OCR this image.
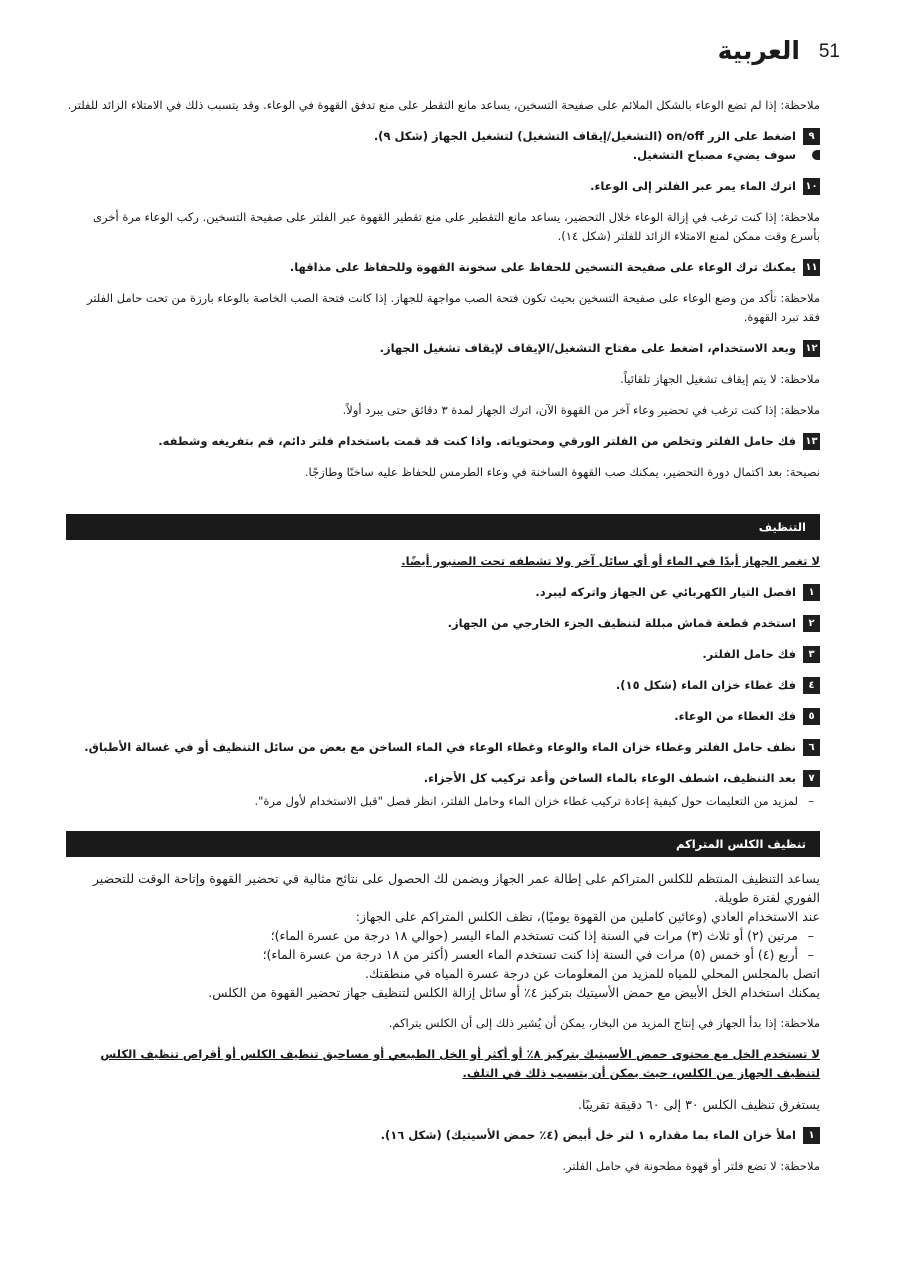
51
العربية

ملاحظة: إذا لم تضع الوعاء بالشكل الملائم على صفيحة التسخين، يساعد مانع التقطر على منع تدفق القهوة في الوعاء. وقد يتسبب ذلك في الامتلاء الزائد للفلتر.

٩
اضغط على الزر on/off (التشغيل/إيقاف التشغيل) لتشغيل الجهاز (شكل ٩).
سوف يضيء مصباح التشغيل.
١٠
اترك الماء يمر عبر الفلتر إلى الوعاء.

ملاحظة: إذا كنت ترغب في إزالة الوعاء خلال التحضير، يساعد مانع التقطير على منع تقطير القهوة عبر الفلتر على صفيحة التسخين. ركب الوعاء مرة أخرى بأسرع وقت ممكن لمنع الامتلاء الزائد للفلتر (شكل ١٤).

١١
يمكنك ترك الوعاء على صفيحة التسخين للحفاظ على سخونة القهوة وللحفاظ على مذاقها.

ملاحظة: تأكد من وضع الوعاء على صفيحة التسخين بحيث تكون فتحة الصب مواجهة للجهاز. إذا كانت فتحة الصب الخاصة بالوعاء بارزة من تحت حامل الفلتر فقد تبرد القهوة.

١٢
وبعد الاستخدام، اضغط على مفتاح التشغيل/الإيقاف لإيقاف تشغيل الجهاز.

ملاحظة: لا يتم إيقاف تشغيل الجهاز تلقائياً.

ملاحظة: إذا كنت ترغب في تحضير وعاء آخر من القهوة الآن، اترك الجهاز لمدة ٣ دقائق حتى يبرد أولاً.

١٣
فك حامل الفلتر وتخلص من الفلتر الورقي ومحتوياته. واذا كنت قد قمت باستخدام فلتر دائم، قم بتفريغه وشطفه.

نصيحة: بعد اكتمال دورة التحضير، يمكنك صب القهوة الساخنة في وعاء الطرمس للحفاظ عليه ساخنًا وطازجًا.

التنظيف

لا تغمر الجهاز أبدًا في الماء أو أي سائل آخر ولا تشطفه تحت الصنبور أيضًا.

١
افصل التيار الكهربائي عن الجهاز واتركه ليبرد.
٢
استخدم قطعة قماش مبللة لتنظيف الجزء الخارجي من الجهاز.
٣
فك حامل الفلتر.
٤
فك غطاء خزان الماء (شكل ١٥).
٥
فك الغطاء من الوعاء.
٦
نظف حامل الفلتر وغطاء خزان الماء والوعاء وغطاء الوعاء في الماء الساخن مع بعض من سائل التنظيف أو في غسالة الأطباق.
٧
بعد التنظيف، اشطف الوعاء بالماء الساخن وأعد تركيب كل الأجزاء.

–
لمزيد من التعليمات حول كيفية إعادة تركيب غطاء خزان الماء وحامل الفلتر، انظر فصل "قبل الاستخدام لأول مرة".

تنظيف الكلس المتراكم

يساعد التنظيف المنتظم للكلس المتراكم على إطالة عمر الجهاز ويضمن لك الحصول على نتائج مثالية في تحضير القهوة وإتاحة الوقت للتحضير الفوري لفترة طويلة.

عند الاستخدام العادي (وعائين كاملين من القهوة يوميًا)، نظف الكلس المتراكم على الجهاز:

–
مرتين (٢) أو ثلاث (٣) مرات في السنة إذا كنت تستخدم الماء اليسر (حوالي ١٨ درجة من عسرة الماء)؛

–
أربع (٤) أو خمس (٥) مرات في السنة إذا كنت تستخدم الماء العسر (أكثر من ١٨ درجة من عسرة الماء)؛

اتصل بالمجلس المحلي للمياه للمزيد من المعلومات عن درجة عسرة المياه في منطقتك.

يمكنك استخدام الخل الأبيض مع حمض الأسيتيك بتركيز ٤٪ أو سائل إزالة الكلس لتنظيف جهاز تحضير القهوة من الكلس.

ملاحظة: إذا بدأ الجهاز في إنتاج المزيد من البخار، يمكن أن يُشير ذلك إلى أن الكلس يتراكم.

لا تستخدم الخل مع محتوى حمض الأسيتيك بتركيز ٨٪ أو أكثر أو الخل الطبيعي أو مساحيق تنظيف الكلس أو أقراص تنظيف الكلس لتنظيف الجهاز من الكلس، حيث يمكن أن يتسبب ذلك في التلف.

يستغرق تنظيف الكلس ٣٠ إلى ٦٠ دقيقة تقريبًا.

١
املأ خزان الماء بما مقداره ١ لتر خل أبيض (٤٪ حمض الأسيتيك) (شكل ١٦).

ملاحظة: لا تضع فلتر أو قهوة مطحونة في حامل الفلتر.
